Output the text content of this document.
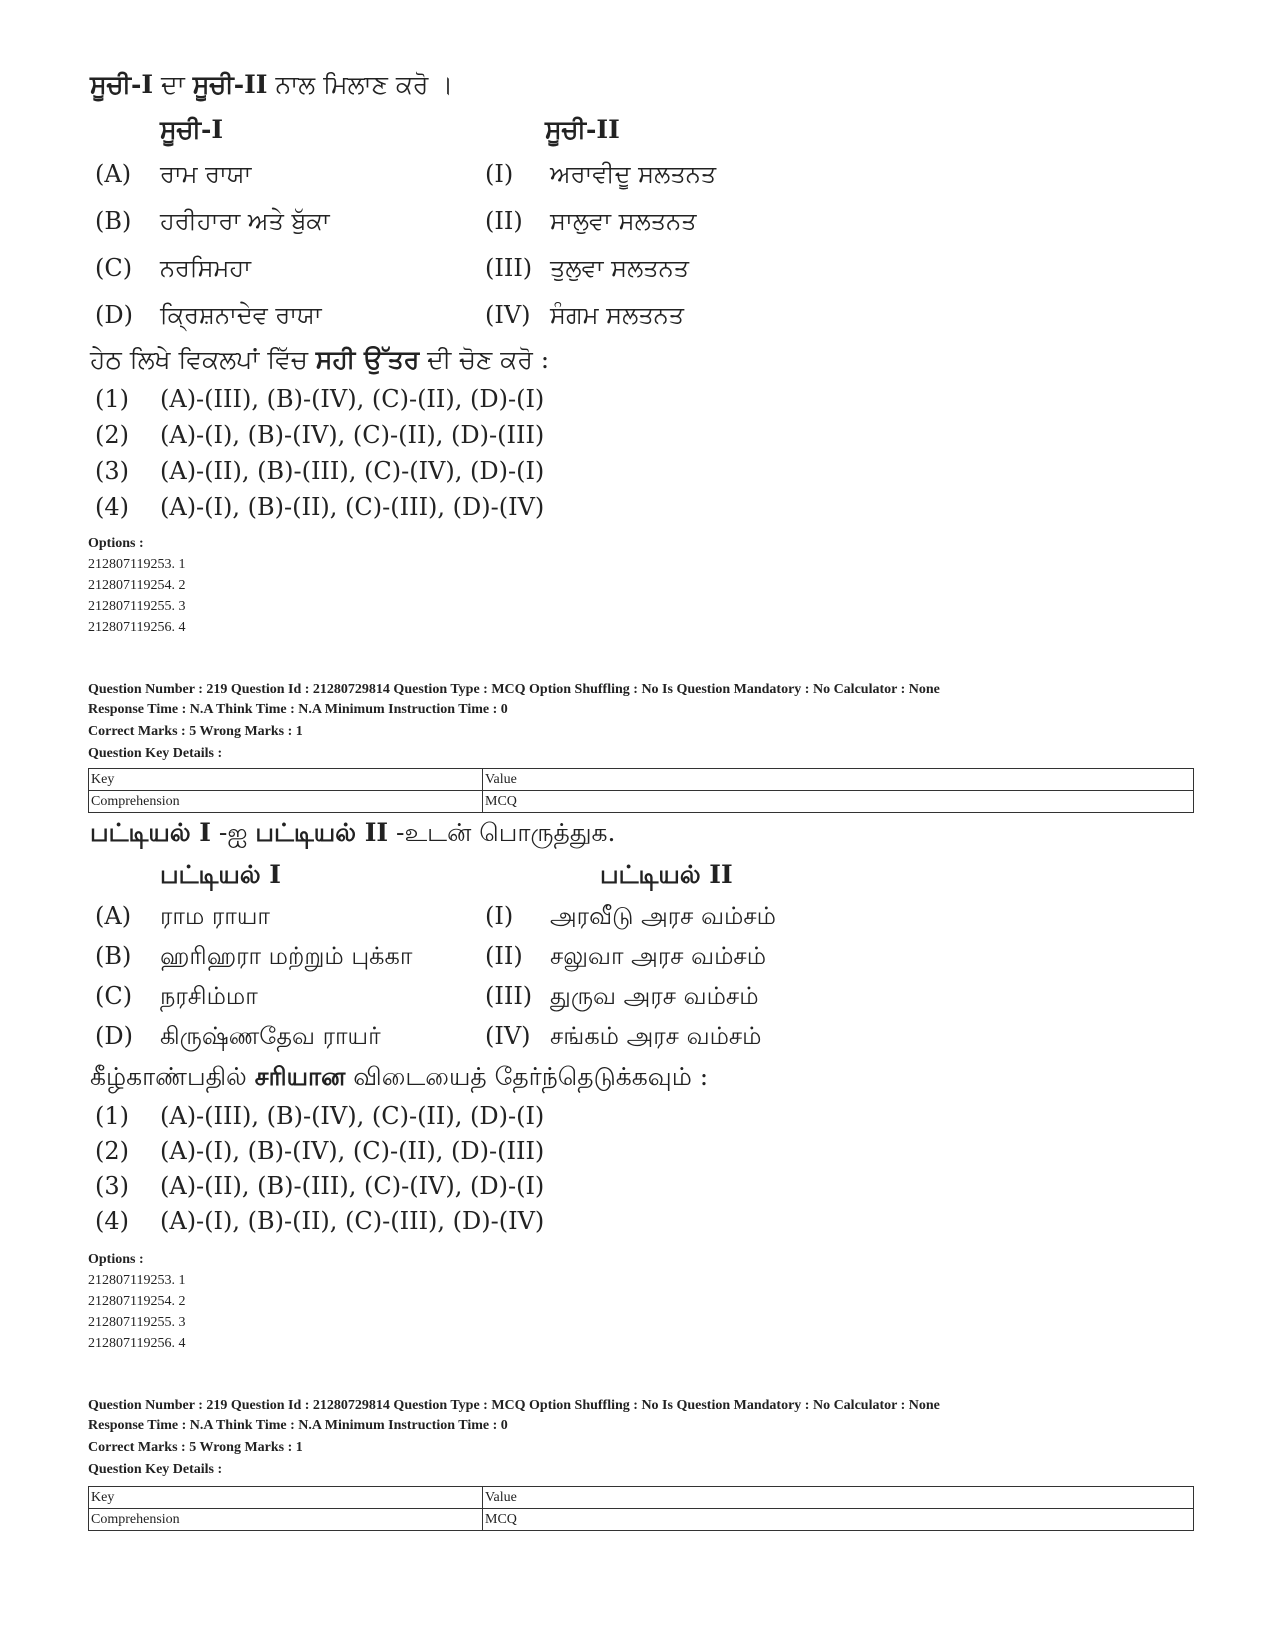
ਸੂਚੀ-I ਦਾ ਸੂਚੀ-II ਨਾਲ ਮਿਲਾਣ ਕਰੋ ।
ਸੂਚੀ-I	ਸੂਚੀ-II
(A) ਰਾਮ ਰਾਯਾ	(I) ਅਰਾਵੀਦੂ ਸਲਤਨਤ
(B) ਹਰੀਹਾਰਾ ਅਤੇ ਬੁੱਕਾ	(II) ਸਾਲੁਵਾ ਸਲਤਨਤ
(C) ਨਰਸਿਮਹਾ	(III) ਤੁਲੁਵਾ ਸਲਤਨਤ
(D) ਕ੍ਰਿਸ਼ਨਾਦੇਵ ਰਾਯਾ	(IV) ਸੰਗਮ ਸਲਤਨਤ
ਹੇਠ ਲਿਖੇ ਵਿਕਲਪਾਂ ਵਿੱਚ ਸਹੀ ਉੱਤਰ ਦੀ ਚੋਣ ਕਰੋ :
(1) (A)-(III), (B)-(IV), (C)-(II), (D)-(I)
(2) (A)-(I), (B)-(IV), (C)-(II), (D)-(III)
(3) (A)-(II), (B)-(III), (C)-(IV), (D)-(I)
(4) (A)-(I), (B)-(II), (C)-(III), (D)-(IV)
Options :
212807119253. 1
212807119254. 2
212807119255. 3
212807119256. 4
Question Number : 219 Question Id : 21280729814 Question Type : MCQ Option Shuffling : No Is Question Mandatory : No Calculator : None
Response Time : N.A Think Time : N.A Minimum Instruction Time : 0
Correct Marks : 5 Wrong Marks : 1
Question Key Details :
Key	Value
Comprehension	MCQ
பட்டியல் I -ஐ பட்டியல் II -உடன் பொருத்துக.
பட்டியல் I	பட்டியல் II
(A) ராம ராயா	(I) அரவீடு அரச வம்சம்
(B) ஹரிஹரா மற்றும் புக்கா	(II) சலுவா அரச வம்சம்
(C) நரசிம்மா	(III) துருவ அரச வம்சம்
(D) கிருஷ்ணதேவ ராயர்	(IV) சங்கம் அரச வம்சம்
கீழ்காண்பதில் சரியான விடையைத் தேர்ந்தெடுக்கவும் :
(1) (A)-(III), (B)-(IV), (C)-(II), (D)-(I)
(2) (A)-(I), (B)-(IV), (C)-(II), (D)-(III)
(3) (A)-(II), (B)-(III), (C)-(IV), (D)-(I)
(4) (A)-(I), (B)-(II), (C)-(III), (D)-(IV)
Options :
212807119253. 1
212807119254. 2
212807119255. 3
212807119256. 4
Question Number : 219 Question Id : 21280729814 Question Type : MCQ Option Shuffling : No Is Question Mandatory : No Calculator : None
Response Time : N.A Think Time : N.A Minimum Instruction Time : 0
Correct Marks : 5 Wrong Marks : 1
Question Key Details :
Key	Value
Comprehension	MCQ
